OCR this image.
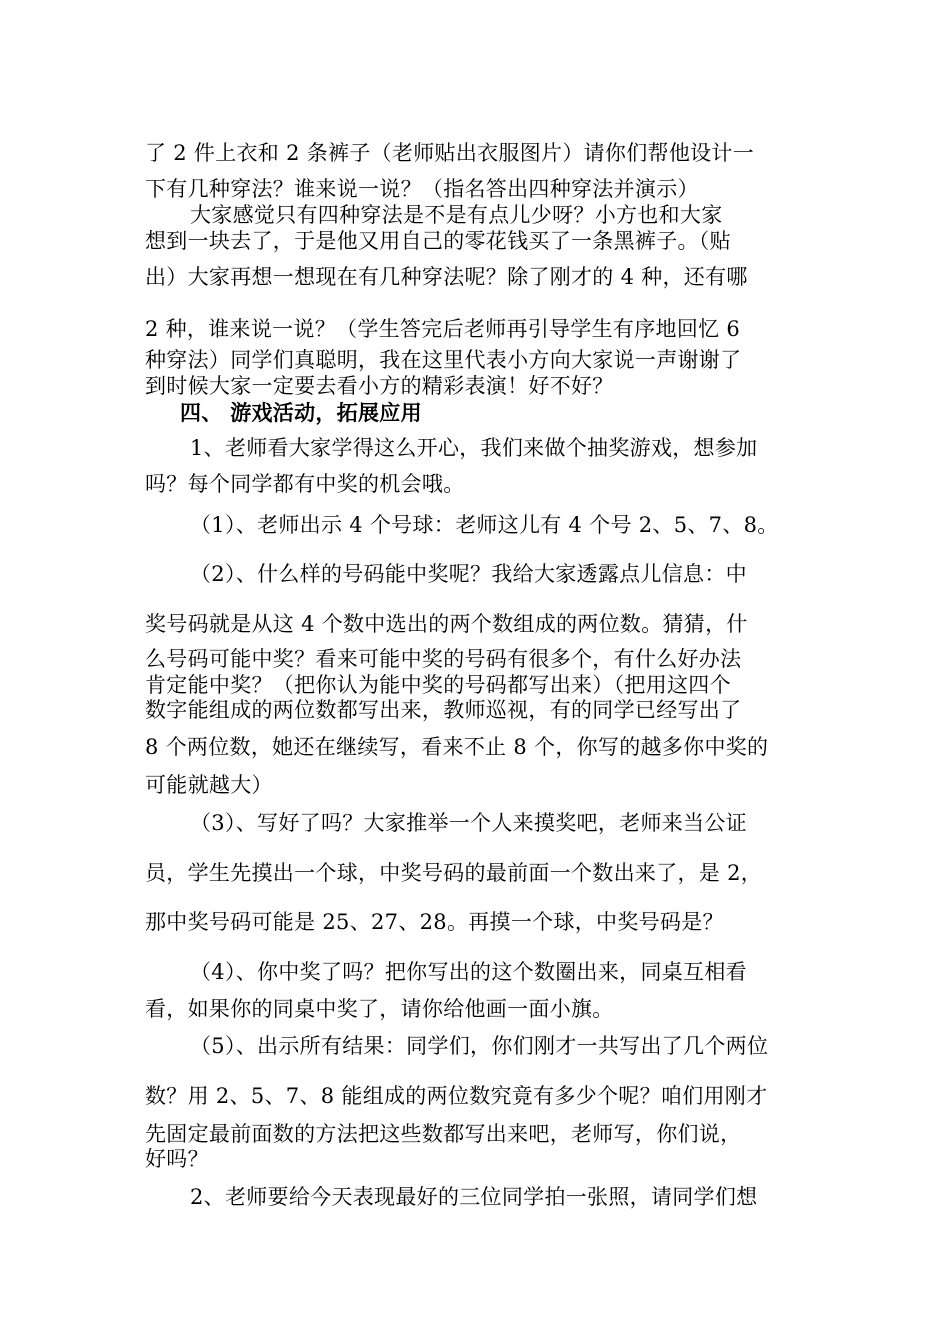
了 2 件上衣和 2 条裤子（老师贴出衣服图片）请你们帮他设计一
下有几种穿法？谁来说一说？（指名答出四种穿法并演示）
大家感觉只有四种穿法是不是有点儿少呀？小方也和大家
想到一块去了，于是他又用自己的零花钱买了一条黑裤子。（贴
出）大家再想一想现在有几种穿法呢？除了刚才的 4 种，还有哪
2 种，谁来说一说？（学生答完后老师再引导学生有序地回忆 6
种穿法）同学们真聪明，我在这里代表小方向大家说一声谢谢了
到时候大家一定要去看小方的精彩表演！好不好？
四、 游戏活动，拓展应用
1、老师看大家学得这么开心，我们来做个抽奖游戏，想参加
吗？每个同学都有中奖的机会哦。
（1）、老师出示 4 个号球：老师这儿有 4 个号 2、5、7、8。
（2）、什么样的号码能中奖呢？我给大家透露点儿信息：中
奖号码就是从这 4 个数中选出的两个数组成的两位数。猜猜，什
么号码可能中奖？看来可能中奖的号码有很多个，有什么好办法
肯定能中奖？（把你认为能中奖的号码都写出来）（把用这四个
数字能组成的两位数都写出来，教师巡视，有的同学已经写出了
8 个两位数，她还在继续写，看来不止 8 个，你写的越多你中奖的
可能就越大）
（3）、写好了吗？大家推举一个人来摸奖吧，老师来当公证
员，学生先摸出一个球，中奖号码的最前面一个数出来了，是 2，
那中奖号码可能是 25、27、28。再摸一个球，中奖号码是？
（4）、你中奖了吗？把你写出的这个数圈出来，同桌互相看
看，如果你的同桌中奖了，请你给他画一面小旗。
（5）、出示所有结果：同学们，你们刚才一共写出了几个两位
数？用 2、5、7、8 能组成的两位数究竟有多少个呢？咱们用刚才
先固定最前面数的方法把这些数都写出来吧，老师写，你们说，
好吗？
2、老师要给今天表现最好的三位同学拍一张照，请同学们想
